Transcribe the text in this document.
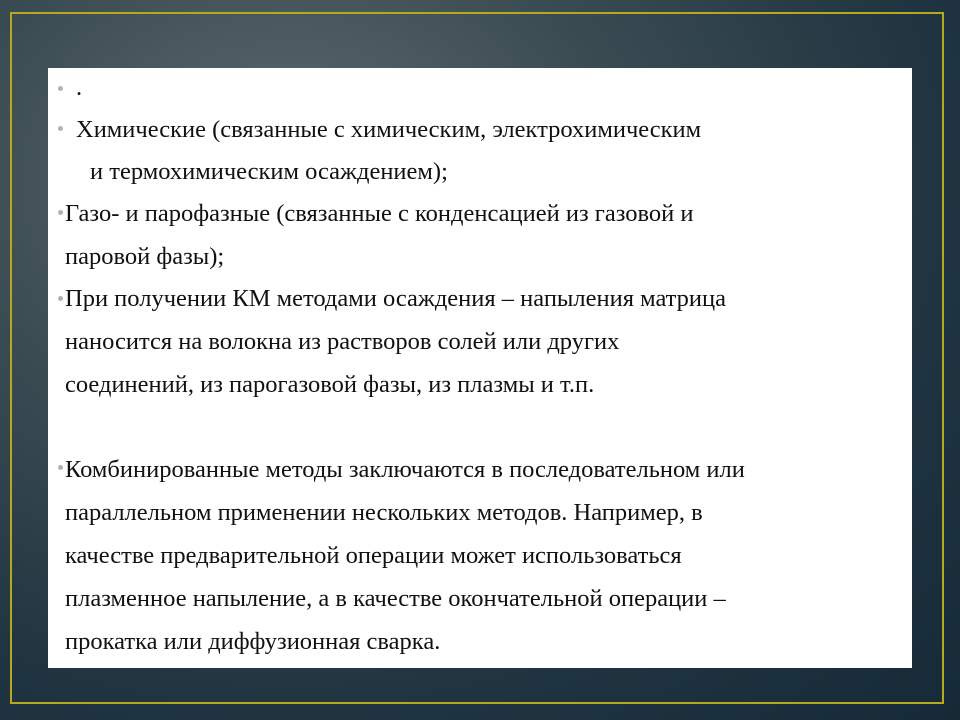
.
Химические (связанные с химическим, электрохимическим
и термохимическим осаждением);
Газо- и парофазные (связанные с конденсацией из газовой и
паровой фазы);
При получении КМ методами осаждения – напыления матрица
наносится на волокна из растворов солей или других
соединений, из парогазовой фазы, из плазмы и т.п.
Комбинированные методы заключаются в последовательном или
параллельном применении нескольких методов. Например, в
качестве предварительной операции может использоваться
плазменное напыление, а в качестве окончательной операции –
прокатка или диффузионная сварка.
